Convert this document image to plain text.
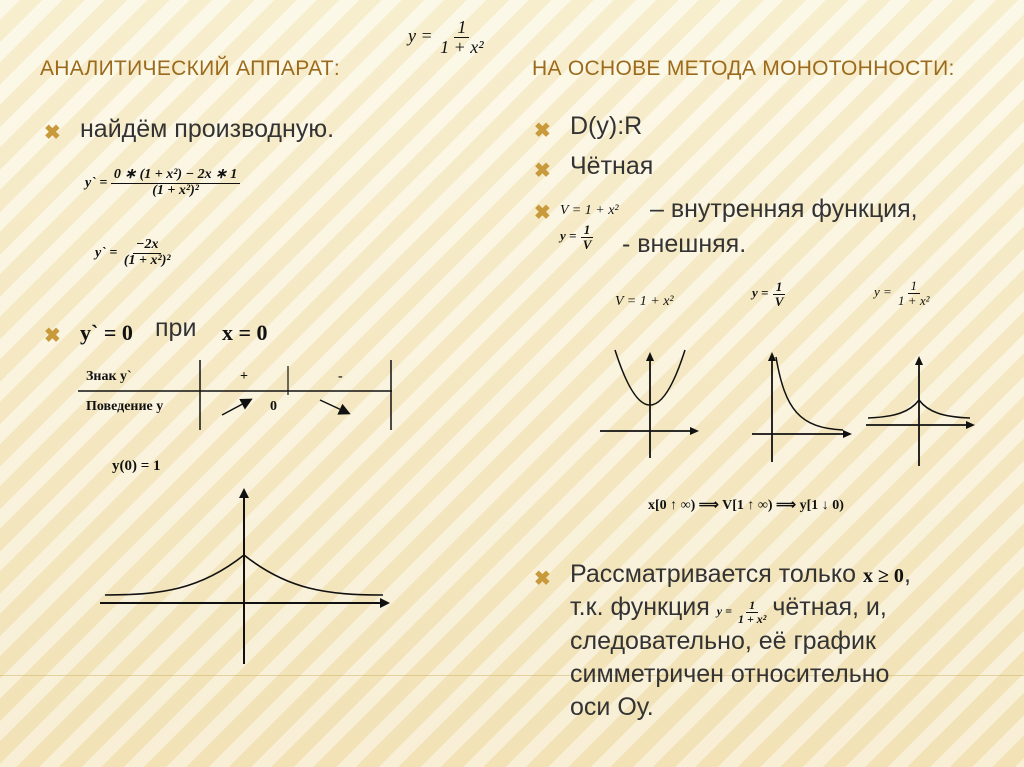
$y = \frac{1}{\text{1 + x²}}$
АНАЛИТИЧЕСКИЙ АППАРАТ:	НА ОСНОВЕ МЕТОДА МОНОТОННОСТИ:
✖ найдём производную.
y` = $\frac{\text{0 ∗ (1 + x²) − 2x ∗ 1}}{\text{(1 + x²)²}}$
y` = $\frac{-2x}{\text{(1 + x²)²}}$
✖ y` = 0 при x = 0
Знак y`	+	-
Поведение y	0
y(0) = 1
✖ D(y):R
✖ Чётная
✖ V = 1 + x² – внутренняя функция,
$y = \frac{1}{V}$ - внешняя.
V = 1 + x²
$y = \frac{1}{V}$	$y = \frac{1}{\text{1 + x²}}$
x[0 ↑ ∞) ⟹ V[1 ↑ ∞) ⟹ y[1 ↓ 0)
✖ Рассматривается только x ≥ 0,
т.к. функция $y = \frac{1}{\text{1 + x²}}$ чётная, и,
следовательно, её график
симметричен относительно
оси Оу.
